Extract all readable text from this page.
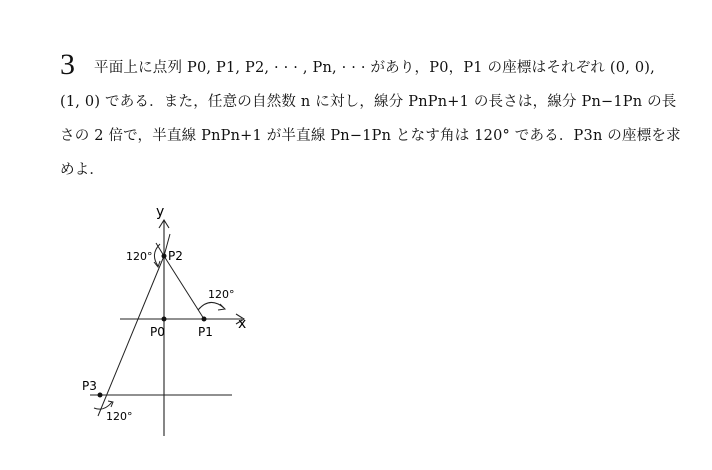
3 平面上に点列 P0, P1, P2, · · · , Pn, · · · があり，P0，P1 の座標はそれぞれ (0, 0),
(1, 0) である．また，任意の自然数 n に対し，線分 PnPn+1 の長さは，線分 Pn−1Pn の長
さの 2 倍で，半直線 PnPn+1 が半直線 Pn−1Pn となす角は 120° である．P3n の座標を求
めよ．
x
y
P0	P1
P2
P3
120°
120°
120°
